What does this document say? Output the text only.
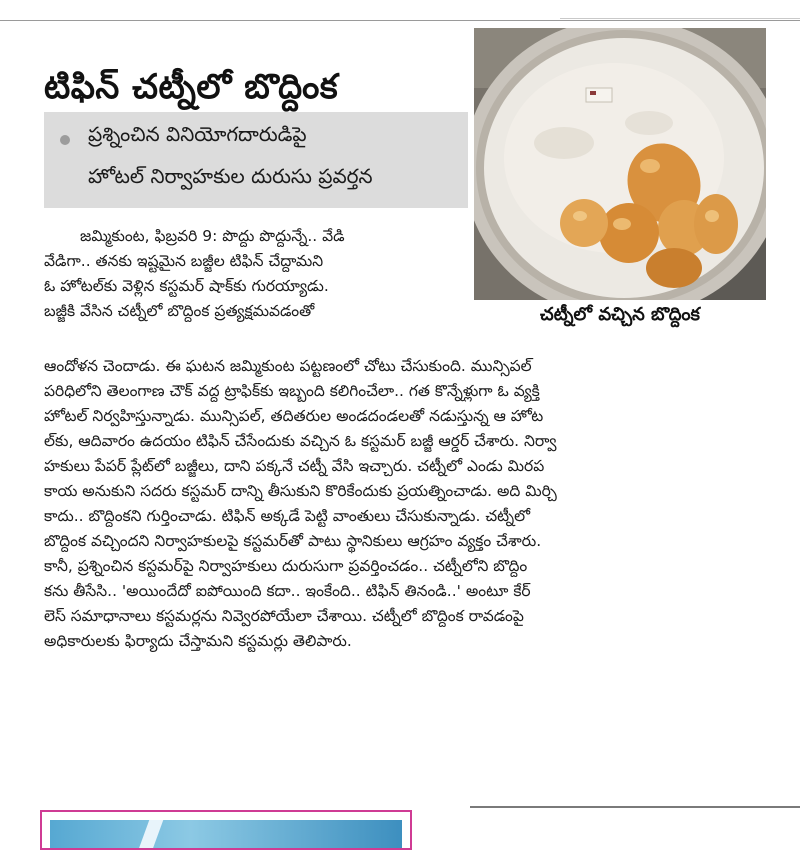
టిఫిన్‌ చట్నీలో బొద్దింక
ప్రశ్నించిన వినియోగదారుడిపై
హోటల్‌ నిర్వాహకుల దురుసు ప్రవర్తన
చట్నీలో వచ్చిన బొద్దింక

జమ్మికుంట, ఫిబ్రవరి 9: పొద్దు పొద్దున్నే.. వేడి

వేడిగా.. తనకు ఇష్టమైన బజ్జీల టిఫిన్‌ చేద్దామని

ఓ హోటల్‌కు వెళ్లిన కస్టమర్‌ షాక్‌కు గురయ్యాడు.

బజ్జీకి వేసిన చట్నీలో బొద్దింక ప్రత్యక్షమవడంతో

ఆందోళన చెందాడు. ఈ ఘటన జమ్మికుంట పట్టణంలో చోటు చేసుకుంది. మున్సిపల్‌

పరిధిలోని తెలంగాణ చౌక్‌ వద్ద ట్రాఫిక్‌కు ఇబ్బంది కలిగించేలా.. గత కొన్నేళ్లుగా ఓ వ్యక్తి

హోటల్‌ నిర్వహిస్తున్నాడు. మున్సిపల్‌, తదితరుల అండదండలతో నడుస్తున్న ఆ హోట

ల్‌కు, ఆదివారం ఉదయం టిఫిన్‌ చేసేందుకు వచ్చిన ఓ కస్టమర్‌ బజ్జీ ఆర్డర్‌ చేశారు. నిర్వా

హకులు పేపర్‌ ప్లేట్‌లో బజ్జీలు, దాని పక్కనే చట్నీ వేసి ఇచ్చారు. చట్నీలో ఎండు మిరప

కాయ అనుకుని సదరు కస్టమర్‌ దాన్ని తీసుకుని కొరికేందుకు ప్రయత్నించాడు. అది మిర్చి

కాదు.. బొద్దింకని గుర్తించాడు. టిఫిన్‌ అక్కడే పెట్టి వాంతులు చేసుకున్నాడు. చట్నీలో

బొద్దింక వచ్చిందని నిర్వాహకులపై కస్టమర్‌తో పాటు స్థానికులు ఆగ్రహం వ్యక్తం చేశారు.

కానీ, ప్రశ్నించిన కస్టమర్‌పై నిర్వాహకులు దురుసుగా ప్రవర్తించడం.. చట్నీలోని బొద్దిం

కను తీసేసి.. 'అయిందేదో ఐపోయింది కదా.. ఇంకేంది.. టిఫిన్‌ తినండి..' అంటూ కేర్‌

లెస్‌ సమాధానాలు కస్టమర్లను నివ్వెరపోయేలా చేశాయి. చట్నీలో బొద్దింక రావడంపై

అధికారులకు ఫిర్యాదు చేస్తామని కస్టమర్లు తెలిపారు.
